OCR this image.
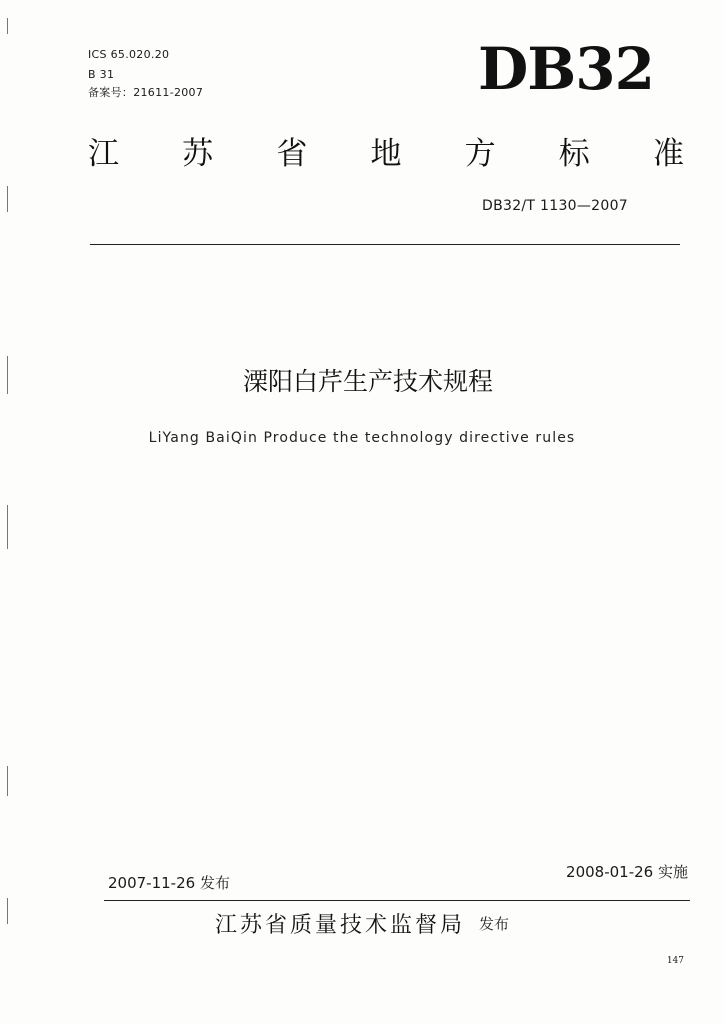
ICS 65.020.20
B 31
备案号：21611-2007	DB32
江 苏 省 地 方 标 准
DB32/T 1130—2007
溧阳白芹生产技术规程
LiYang BaiQin Produce the technology directive rules
2007-11-26 发布
2008-01-26 实施
江苏省质量技术监督局 发布
147
